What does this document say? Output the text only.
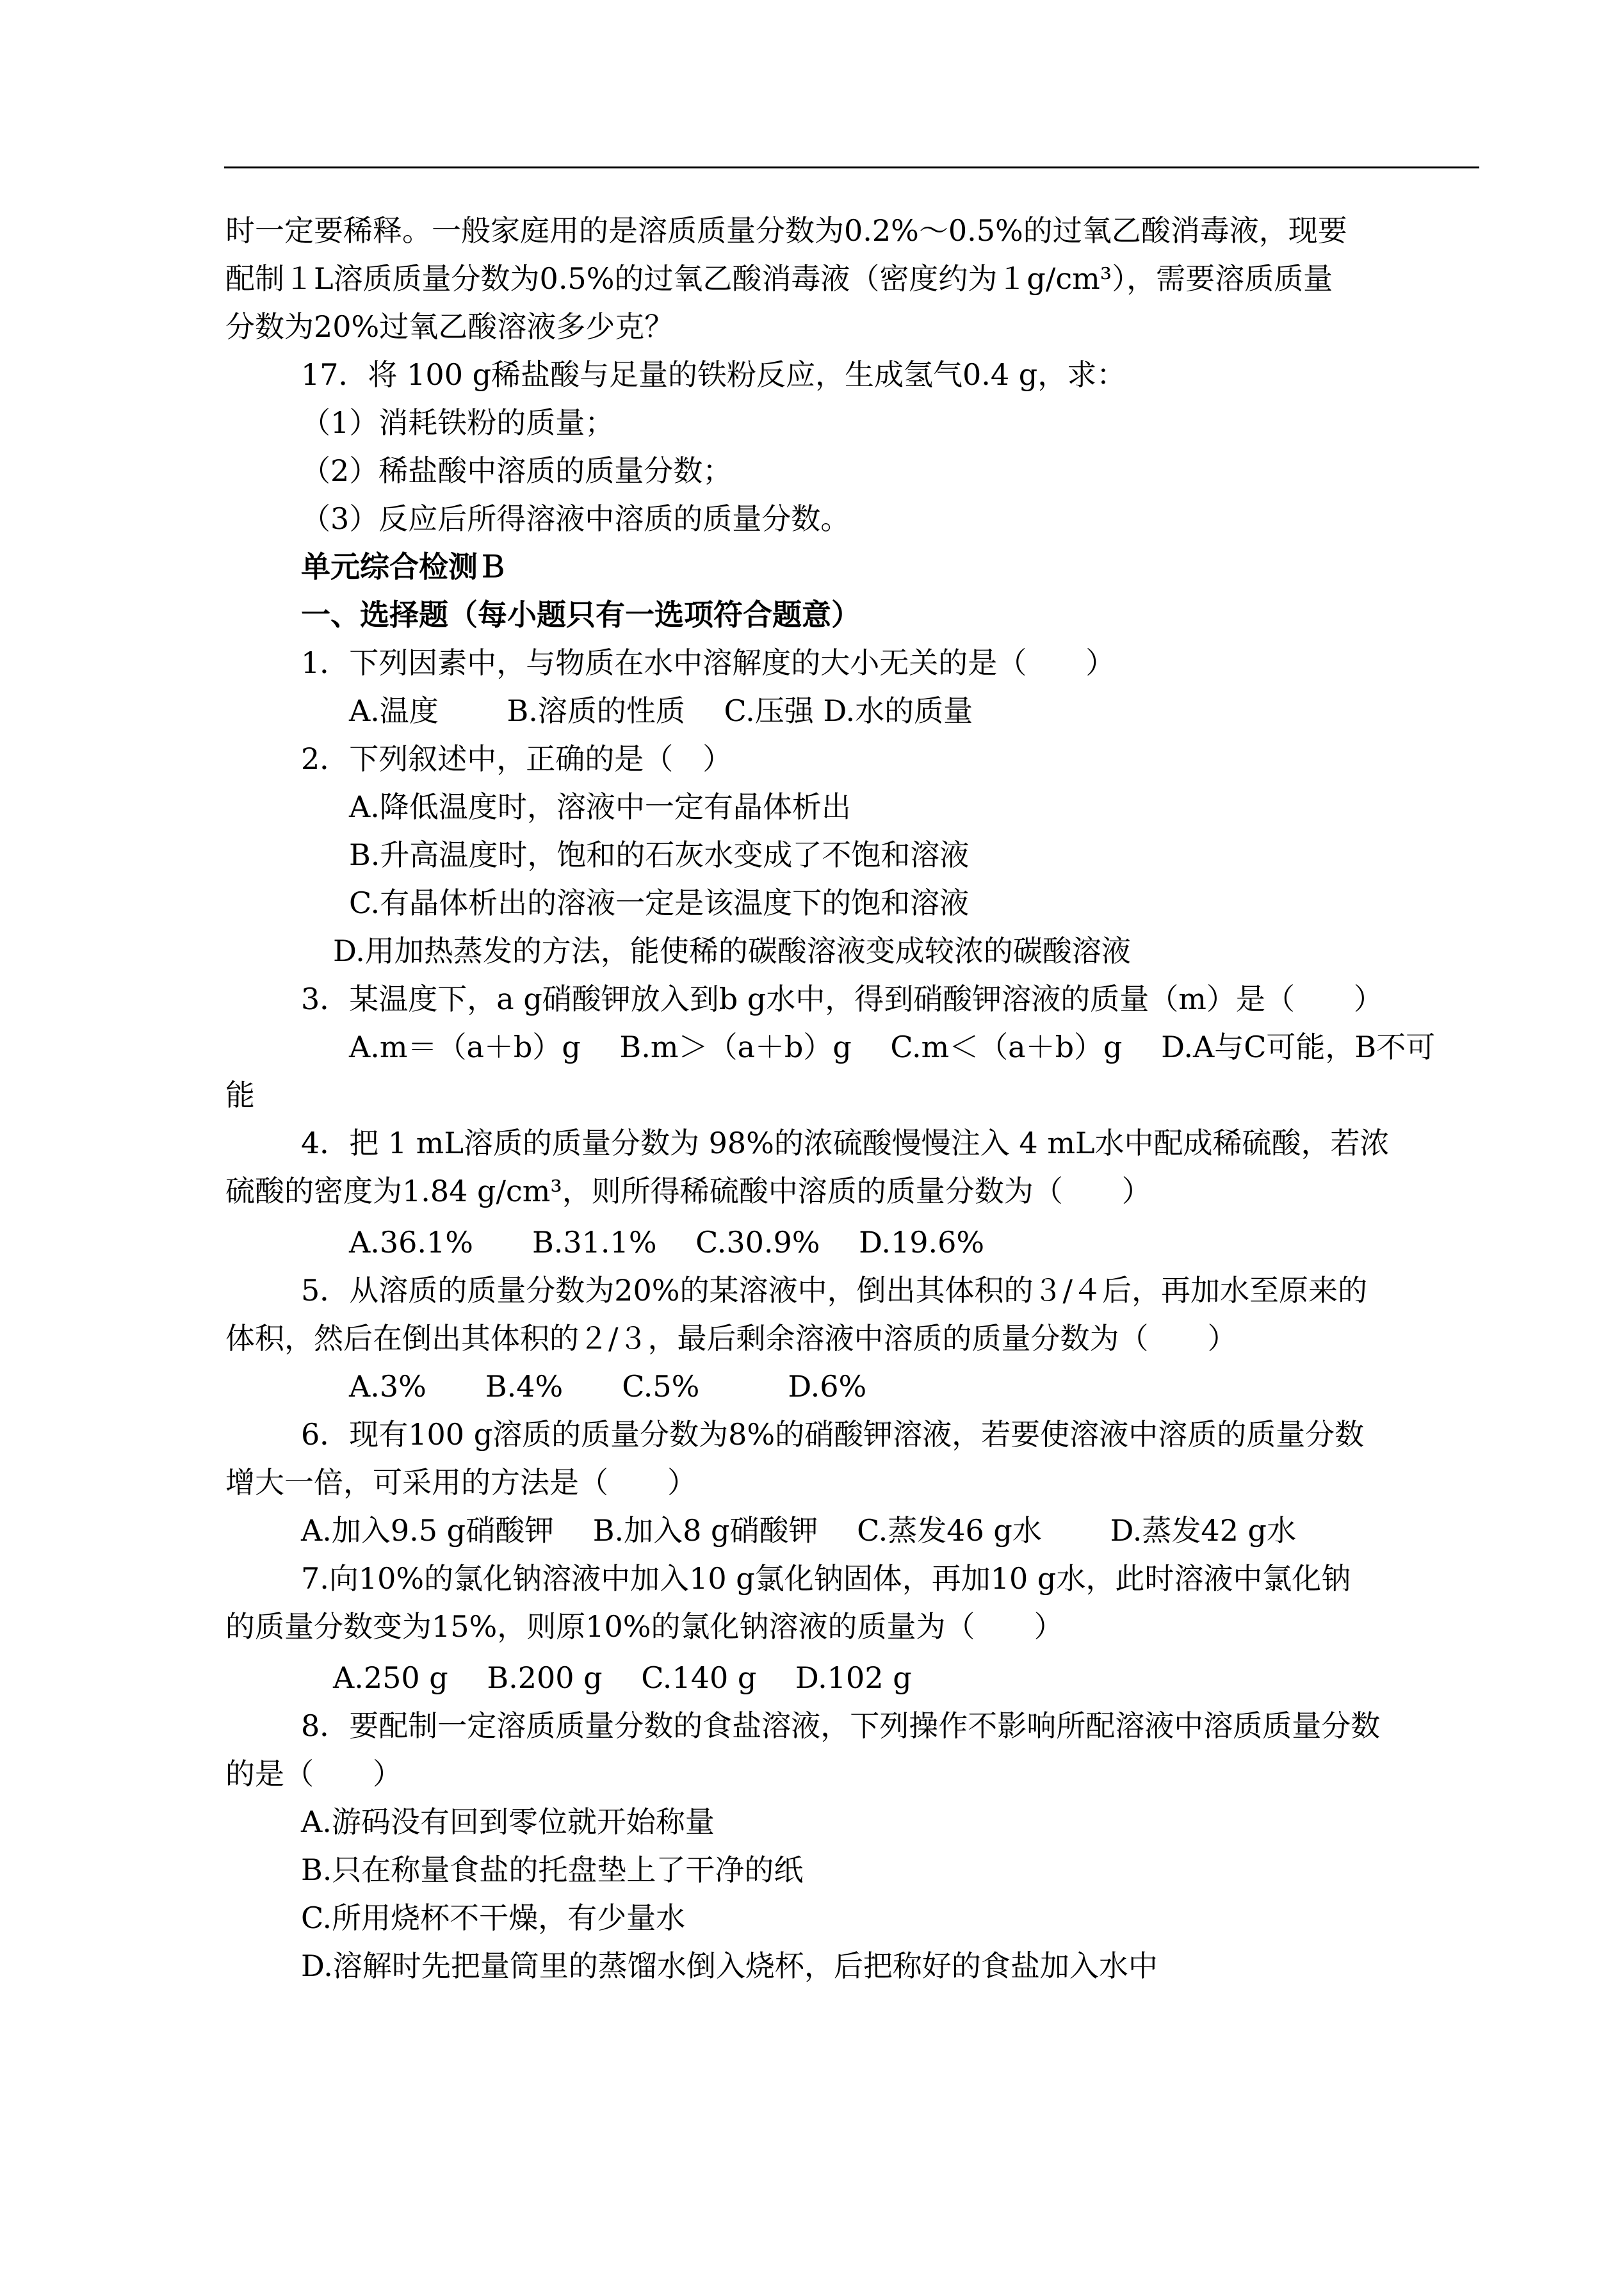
时一定要稀释。一般家庭用的是溶质质量分数为0.2%～0.5%的过氧乙酸消毒液，现要
配制１L溶质质量分数为0.5%的过氧乙酸消毒液（密度约为１g/cm³），需要溶质质量
分数为20%过氧乙酸溶液多少克？
17．将 100 g稀盐酸与足量的铁粉反应，生成氢气0.4 g，求：
（1）消耗铁粉的质量；
（2）稀盐酸中溶质的质量分数；
（3）反应后所得溶液中溶质的质量分数。
单元综合检测Ｂ
一、选择题（每小题只有一选项符合题意）
1．下列因素中，与物质在水中溶解度的大小无关的是（　　）
A.温度　　 B.溶质的性质　 C.压强 D.水的质量
2．下列叙述中，正确的是（　）
A.降低温度时，溶液中一定有晶体析出
B.升高温度时，饱和的石灰水变成了不饱和溶液
C.有晶体析出的溶液一定是该温度下的饱和溶液
D.用加热蒸发的方法，能使稀的碳酸溶液变成较浓的碳酸溶液
3．某温度下，a g硝酸钾放入到b g水中，得到硝酸钾溶液的质量（m）是（　　）
A.m＝（a＋b）g　 B.m＞（a＋b）g　 C.m＜（a＋b）g　 D.A与C可能，B不可
能
4．把 1 mL溶质的质量分数为 98%的浓硫酸慢慢注入 4 mL水中配成稀硫酸，若浓
硫酸的密度为1.84 g/cm³，则所得稀硫酸中溶质的质量分数为（　　）
A.36.1%　　B.31.1%　 C.30.9%　 D.19.6%
5．从溶质的质量分数为20%的某溶液中，倒出其体积的３/４后，再加水至原来的
体积，然后在倒出其体积的２/３，最后剩余溶液中溶质的质量分数为（　　）
A.3%　　B.4%　　C.5%　　　D.6%
6．现有100 g溶质的质量分数为8%的硝酸钾溶液，若要使溶液中溶质的质量分数
增大一倍，可采用的方法是（　　）
A.加入9.5 g硝酸钾　 B.加入8 g硝酸钾　 C.蒸发46 g水　　 D.蒸发42 g水
7.向10%的氯化钠溶液中加入10 g氯化钠固体，再加10 g水，此时溶液中氯化钠
的质量分数变为15%，则原10%的氯化钠溶液的质量为（　　）
A.250 g　 B.200 g　 C.140 g　 D.102 g
8．要配制一定溶质质量分数的食盐溶液，下列操作不影响所配溶液中溶质质量分数
的是（　　）
A.游码没有回到零位就开始称量
B.只在称量食盐的托盘垫上了干净的纸
C.所用烧杯不干燥，有少量水
D.溶解时先把量筒里的蒸馏水倒入烧杯，后把称好的食盐加入水中
